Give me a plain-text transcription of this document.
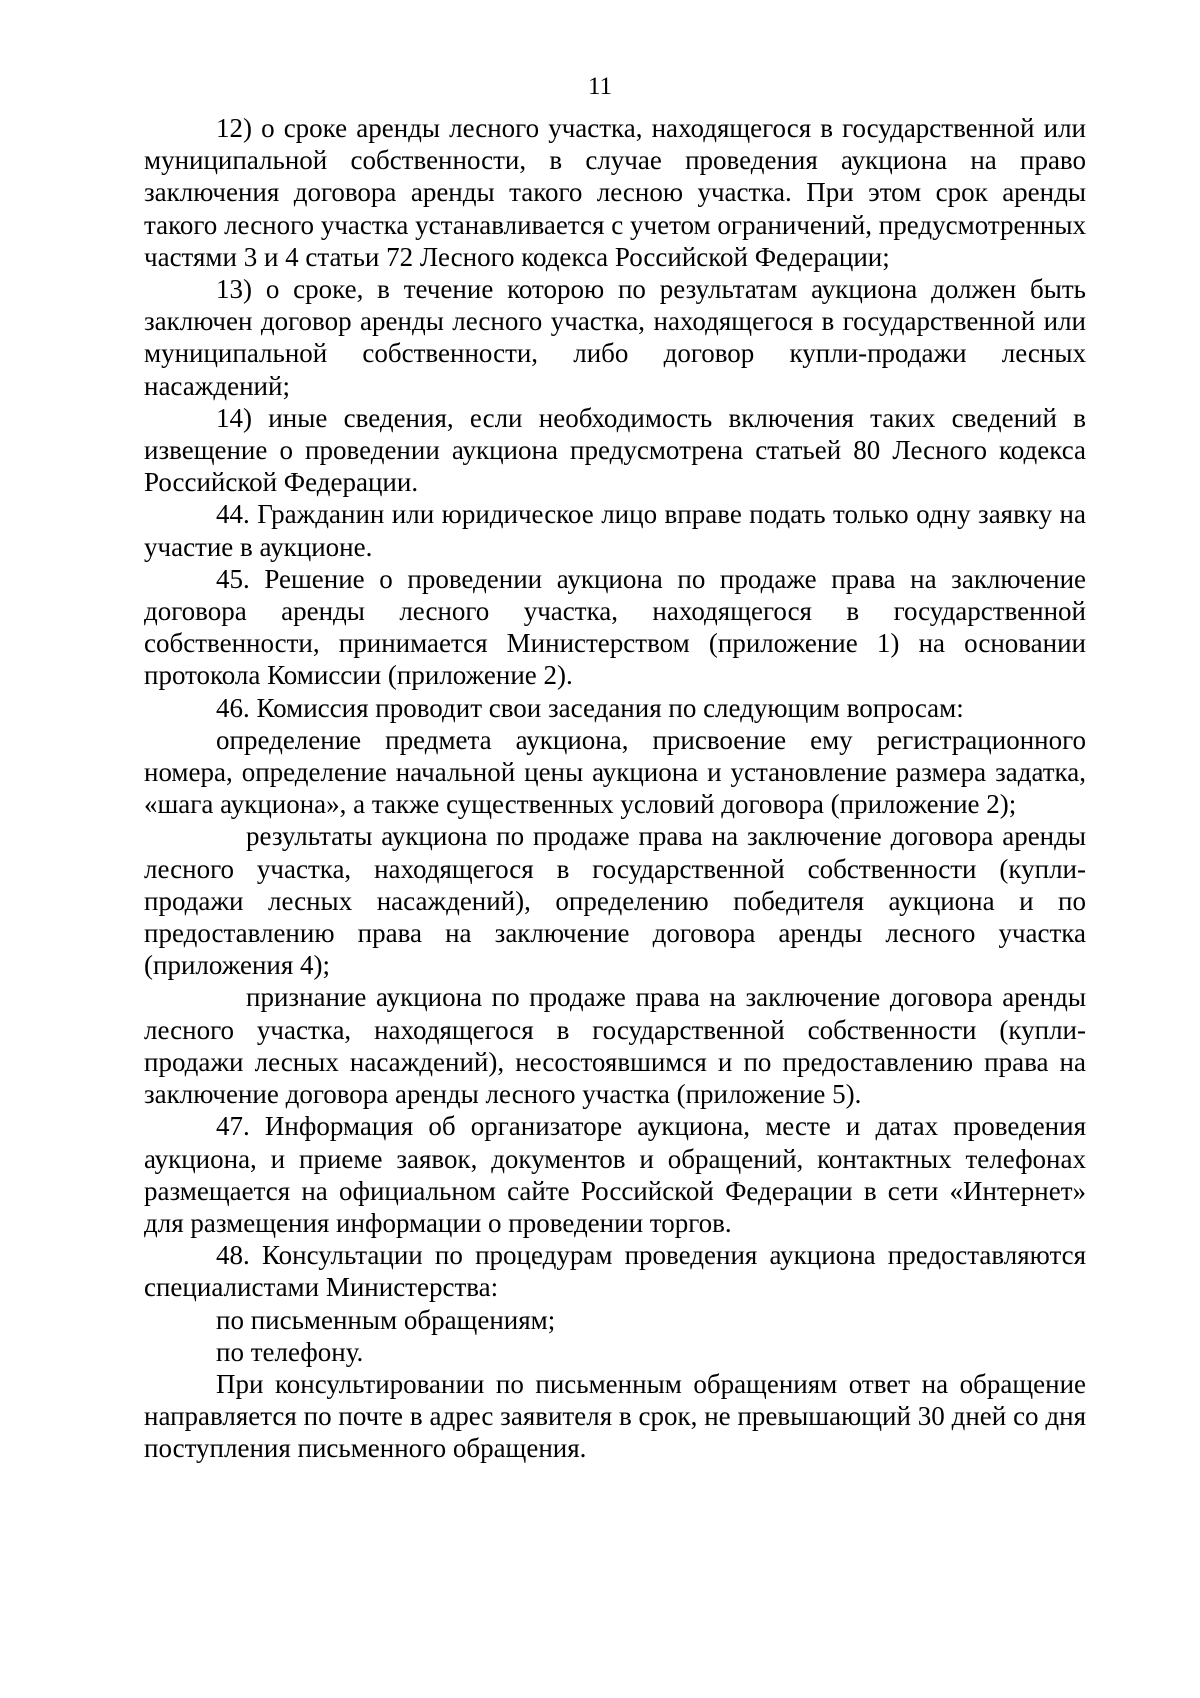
11

12) о сроке аренды лесного участка, находящегося в государственной или муниципальной собственности, в случае проведения аукциона на право заключения договора аренды такого лесною участка. При этом срок аренды такого лесного участка устанавливается с учетом ограничений, предусмотренных частями 3 и 4 статьи 72 Лесного кодекса Российской Федерации;

13) о сроке, в течение которою по результатам аукциона должен быть заключен договор аренды лесного участка, находящегося в государственной или муниципальной собственности, либо договор купли-продажи лесных насаждений;

14) иные сведения, если необходимость включения таких сведений в извещение о проведении аукциона предусмотрена статьей 80 Лесного кодекса Российской Федерации.

44. Гражданин или юридическое лицо вправе подать только одну заявку на участие в аукционе.

45. Решение о проведении аукциона по продаже права на заключение договора аренды лесного участка, находящегося в государственной собственности, принимается Министерством (приложение 1) на основании протокола Комиссии (приложение 2).

46. Комиссия проводит свои заседания по следующим вопросам:

определение предмета аукциона, присвоение ему регистрационного номера, определение начальной цены аукциона и установление размера задатка, «шага аукциона», а также существенных условий договора (приложение 2);

результаты аукциона по продаже права на заключение договора аренды лесного участка, находящегося в государственной собственности (купли-продажи лесных насаждений), определению победителя аукциона и по предоставлению права на заключение договора аренды лесного участка (приложения 4);

признание аукциона по продаже права на заключение договора аренды лесного участка, находящегося в государственной собственности (купли-продажи лесных насаждений), несостоявшимся и по предоставлению права на заключение договора аренды лесного участка (приложение 5).

47. Информация об организаторе аукциона, месте и датах проведения аукциона, и приеме заявок, документов и обращений, контактных телефонах размещается на официальном сайте Российской Федерации в сети «Интернет» для размещения информации о проведении торгов.

48. Консультации по процедурам проведения аукциона предоставляются специалистами Министерства:

по письменным обращениям;

по телефону.

При консультировании по письменным обращениям ответ на обращение направляется по почте в адрес заявителя в срок, не превышающий 30 дней со дня поступления письменного обращения.
